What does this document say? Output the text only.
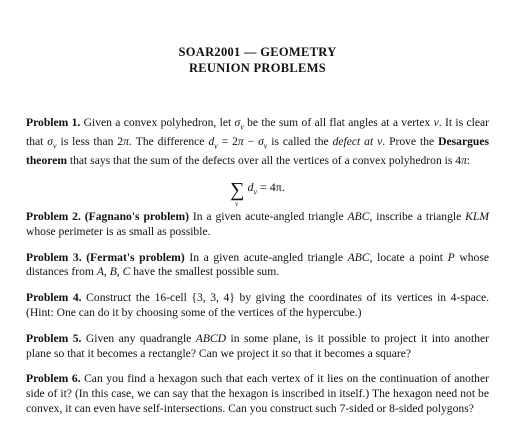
SOAR2001 — GEOMETRY
REUNION PROBLEMS

Problem 1. Given a convex polyhedron, let $\sigma_v$ be the sum of all flat angles at a vertex v. It is clear that $\sigma_v$ is less than 2π. The difference $d_v = 2\pi - \sigma_v$ is called the defect at v. Prove the Desargues theorem that says that the sum of the defects over all the vertices of a convex polyhedron is 4π:

∑
v
$d_v = 4\pi$.

Problem 2. (Fagnano's problem) In a given acute-angled triangle ABC, inscribe a triangle KLM whose perimeter is as small as possible.

Problem 3. (Fermat's problem) In a given acute-angled triangle ABC, locate a point P whose distances from A, B, C have the smallest possible sum.

Problem 4. Construct the 16-cell {3, 3, 4} by giving the coordinates of its vertices in 4-space. (Hint: One can do it by choosing some of the vertices of the hypercube.)

Problem 5. Given any quadrangle ABCD in some plane, is it possible to project it into another plane so that it becomes a rectangle? Can we project it so that it becomes a square?

Problem 6. Can you find a hexagon such that each vertex of it lies on the continuation of another side of it? (In this case, we can say that the hexagon is inscribed in itself.) The hexagon need not be convex, it can even have self-intersections. Can you construct such 7-sided or 8-sided polygons?
